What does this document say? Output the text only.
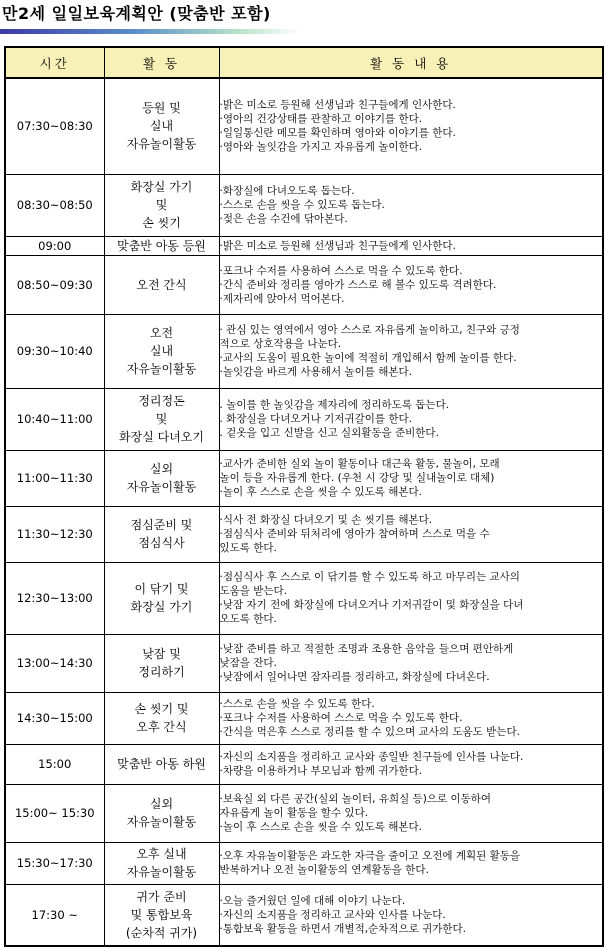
만2세 일일보육계획안 (맞춤반 포함)
시간	활 동	활 동 내 용
07:30~08:30	등원 및
실내
자유놀이활동	·밝은 미소로 등원해 선생님과 친구들에게 인사한다.
·영아의 건강상태를 관찰하고 이야기를 한다.
·일일통신란 메모를 확인하며 영아와 이야기를 한다.
·영아와 놀잇감을 가지고 자유롭게 놀이한다.

08:30~08:50	화장실 가기
및
손 씻기	·화장실에 다녀오도록 돕는다.
·스스로 손을 씻을 수 있도록 돕는다.
·젖은 손을 수건에 닦아본다.

09:00	맞춤반 아동 등원	·밝은 미소로 등원해 선생님과 친구들에게 인사한다.

08:50~09:30	오전 간식	·포크나 수저를 사용하여 스스로 먹을 수 있도록 한다.
·간식 준비와 정리를 영아가 스스로 해 볼수 있도록 격려한다.
·제자리에 앉아서 먹어본다.

09:30~10:40	오전
실내
자유놀이활동	· 관심 있는 영역에서 영아 스스로 자유롭게 놀이하고, 친구와 긍정
적으로 상호작용을 나눈다.
·교사의 도움이 필요한 놀이에 적절히 개입해서 함께 놀이를 한다.
·놀잇감을 바르게 사용해서 놀이를 해본다.

10:40~11:00	정리정돈
및
화장실 다녀오기	. 놀이를 한 놀잇감을 제자리에 정리하도록 돕는다.
. 화장실을 다녀오거나 기저귀갈이를 한다.
. 겉옷을 입고 신발을 신고 실외활동을 준비한다.

11:00~11:30	실외
자유놀이활동	·교사가 준비한 실외 놀이 활동이나 대근육 활동, 물놀이, 모래
놀이 등을 자유롭게 한다. (우천 시 강당 및 실내놀이로 대체)
·놀이 후 스스로 손을 씻을 수 있도록 해본다.

11:30~12:30	점심준비 및
점심식사	·식사 전 화장실 다녀오기 및 손 씻기를 해본다.
·점심식사 준비와 뒤처리에 영아가 참여하며 스스로 먹을 수
있도록 한다.

12:30~13:00	이 닦기 및
화장실 가기	·점심식사 후 스스로 이 닦기를 할 수 있도록 하고 마무리는 교사의
도움을 받는다.
·낮잠 자기 전에 화장실에 다녀오거나 기저귀갈이 및 화장실을 다녀
오도록 한다.

13:00~14:30	낮잠 및
정리하기	·낮잠 준비를 하고 적절한 조명과 조용한 음악을 들으며 편안하게
낮잠을 잔다.
·낮잠에서 일어나면 잠자리를 정리하고, 화장실에 다녀온다.

14:30~15:00	손 씻기 및
오후 간식	·스스로 손을 씻을 수 있도록 한다.
·포크나 수저를 사용하여 스스로 먹을 수 있도록 한다.
·간식을 먹은후 스스로 정리를 할 수 있으며 교사의 도움도 받는다.

15:00	맞춤반 아동 하원	·자신의 소지품을 정리하고 교사와 종일반 친구들에 인사를 나눈다.
·차량을 이용하거나 부모님과 함께 귀가한다.

15:00~ 15:30	실외
자유놀이활동	·보육실 외 다른 공간(실외 놀이터, 유희실 등)으로 이동하여
자유롭게 놀이 활동을 할수 있다.
·놀이 후 스스로 손을 씻을 수 있도록 해본다.

15:30~17:30	오후 실내
자유놀이활동	·오후 자유놀이활동은 과도한 자극을 줄이고 오전에 계획된 활동을
반복하거나 오전 놀이활동의 연계활동을 한다.

17:30 ~	귀가 준비
및 통합보육
(순차적 귀가)	·오늘 즐거웠던 일에 대해 이야기 나눈다.
·자신의 소지품을 정리하고 교사와 인사를 나눈다.
·통합보육 활동을 하면서 개별적,순차적으로 귀가한다.
